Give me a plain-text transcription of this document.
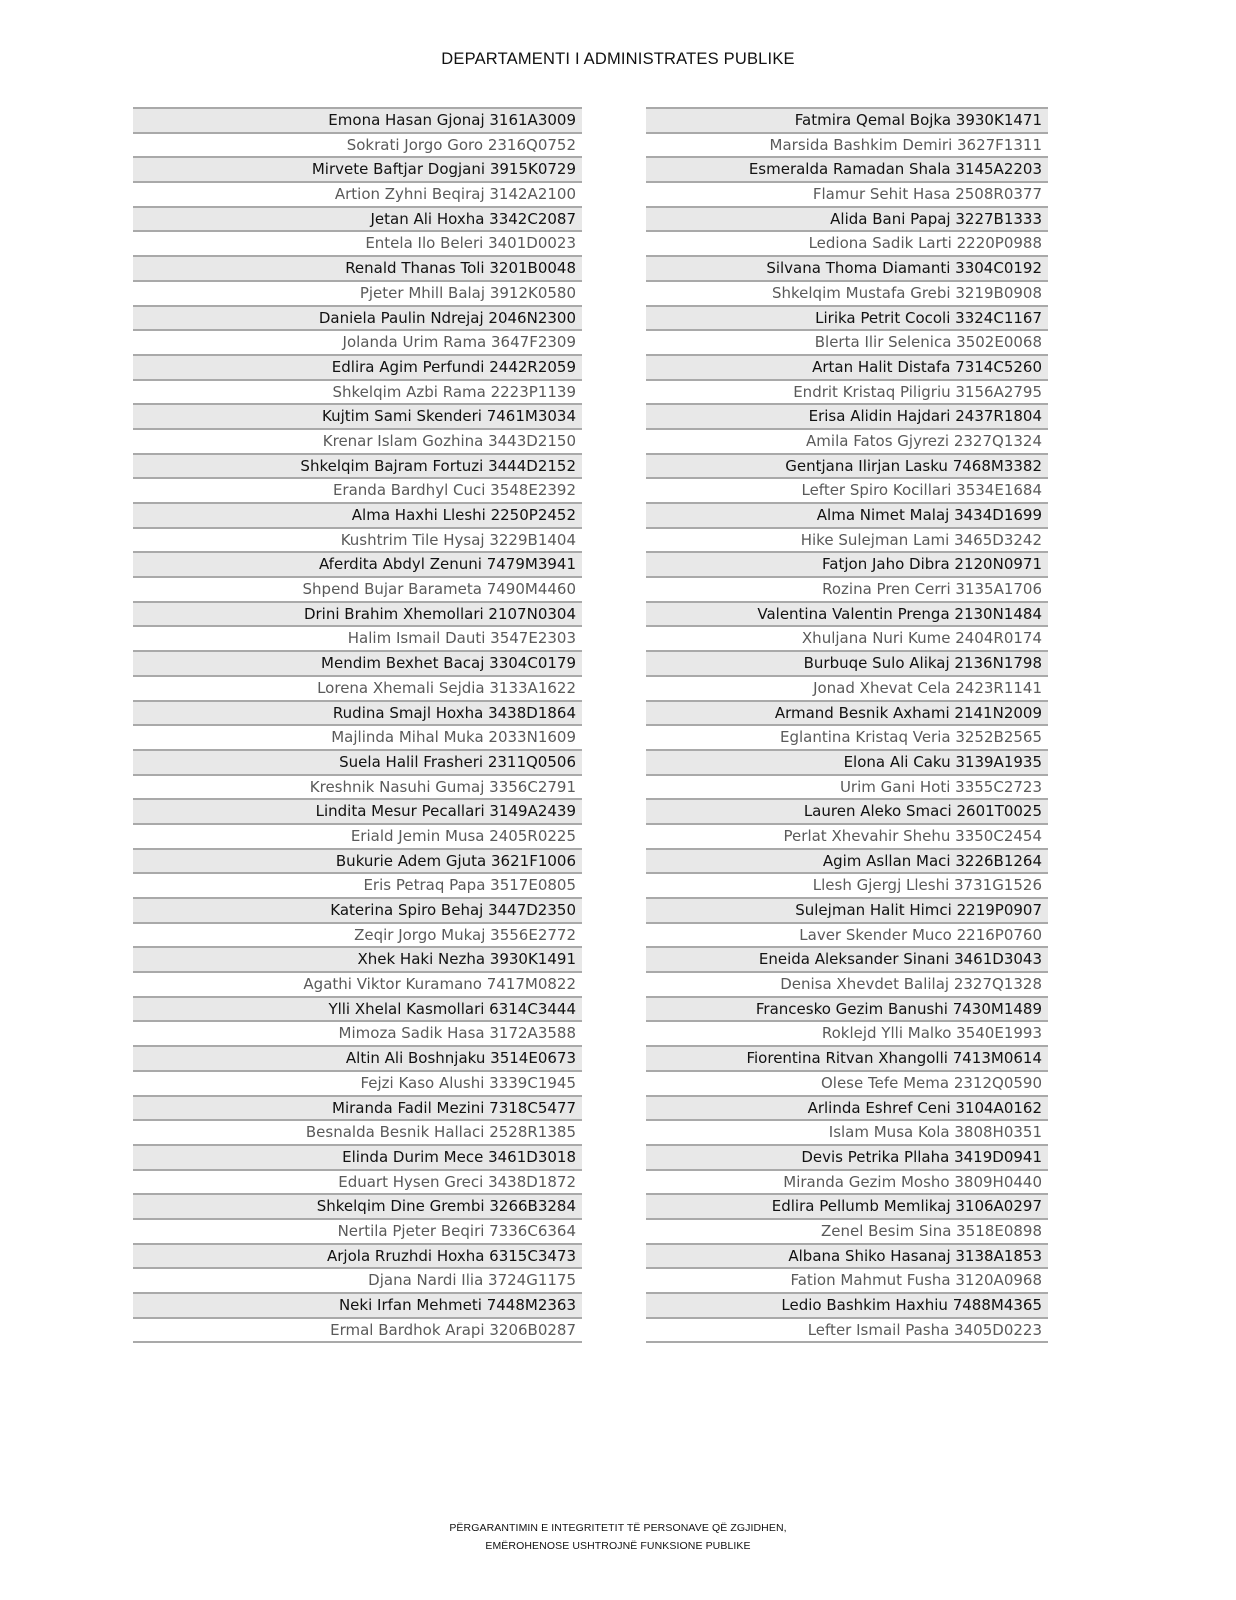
DEPARTAMENTI I ADMINISTRATES PUBLIKE
Emona Hasan Gjonaj 3161A3009
Sokrati Jorgo Goro 2316Q0752
Mirvete Baftjar Dogjani 3915K0729
Artion Zyhni Beqiraj 3142A2100
Jetan Ali Hoxha 3342C2087
Entela Ilo Beleri 3401D0023
Renald Thanas Toli 3201B0048
Pjeter Mhill Balaj 3912K0580
Daniela Paulin Ndrejaj 2046N2300
Jolanda Urim Rama 3647F2309
Edlira Agim Perfundi 2442R2059
Shkelqim Azbi Rama 2223P1139
Kujtim Sami Skenderi 7461M3034
Krenar Islam Gozhina 3443D2150
Shkelqim Bajram Fortuzi 3444D2152
Eranda Bardhyl Cuci 3548E2392
Alma Haxhi Lleshi 2250P2452
Kushtrim Tile Hysaj 3229B1404
Aferdita Abdyl Zenuni 7479M3941
Shpend Bujar Barameta 7490M4460
Drini Brahim Xhemollari 2107N0304
Halim Ismail Dauti 3547E2303
Mendim Bexhet Bacaj 3304C0179
Lorena Xhemali Sejdia 3133A1622
Rudina Smajl Hoxha 3438D1864
Majlinda Mihal Muka 2033N1609
Suela Halil Frasheri 2311Q0506
Kreshnik Nasuhi Gumaj 3356C2791
Lindita Mesur Pecallari 3149A2439
Eriald Jemin Musa 2405R0225
Bukurie Adem Gjuta 3621F1006
Eris Petraq Papa 3517E0805
Katerina Spiro Behaj 3447D2350
Zeqir Jorgo Mukaj 3556E2772
Xhek Haki Nezha 3930K1491
Agathi Viktor Kuramano 7417M0822
Ylli Xhelal Kasmollari 6314C3444
Mimoza Sadik Hasa 3172A3588
Altin Ali Boshnjaku 3514E0673
Fejzi Kaso Alushi 3339C1945
Miranda Fadil Mezini 7318C5477
Besnalda Besnik Hallaci 2528R1385
Elinda Durim Mece 3461D3018
Eduart Hysen Greci 3438D1872
Shkelqim Dine Grembi 3266B3284
Nertila Pjeter Beqiri 7336C6364
Arjola Rruzhdi Hoxha 6315C3473
Djana Nardi Ilia 3724G1175
Neki Irfan Mehmeti 7448M2363
Ermal Bardhok Arapi 3206B0287
Fatmira Qemal Bojka 3930K1471
Marsida Bashkim Demiri 3627F1311
Esmeralda Ramadan Shala 3145A2203
Flamur Sehit Hasa 2508R0377
Alida Bani Papaj 3227B1333
Lediona Sadik Larti 2220P0988
Silvana Thoma Diamanti 3304C0192
Shkelqim Mustafa Grebi 3219B0908
Lirika Petrit Cocoli 3324C1167
Blerta Ilir Selenica 3502E0068
Artan Halit Distafa 7314C5260
Endrit Kristaq Piligriu 3156A2795
Erisa Alidin Hajdari 2437R1804
Amila Fatos Gjyrezi 2327Q1324
Gentjana Ilirjan Lasku 7468M3382
Lefter Spiro Kocillari 3534E1684
Alma Nimet Malaj 3434D1699
Hike Sulejman Lami 3465D3242
Fatjon Jaho Dibra 2120N0971
Rozina Pren Cerri 3135A1706
Valentina Valentin Prenga 2130N1484
Xhuljana Nuri Kume 2404R0174
Burbuqe Sulo Alikaj 2136N1798
Jonad Xhevat Cela 2423R1141
Armand Besnik Axhami 2141N2009
Eglantina Kristaq Veria 3252B2565
Elona Ali Caku 3139A1935
Urim Gani Hoti 3355C2723
Lauren Aleko Smaci 2601T0025
Perlat Xhevahir Shehu 3350C2454
Agim Asllan Maci 3226B1264
Llesh Gjergj Lleshi 3731G1526
Sulejman Halit Himci 2219P0907
Laver Skender Muco 2216P0760
Eneida Aleksander Sinani 3461D3043
Denisa Xhevdet Balilaj 2327Q1328
Francesko Gezim Banushi 7430M1489
Roklejd Ylli Malko 3540E1993
Fiorentina Ritvan Xhangolli 7413M0614
Olese Tefe Mema 2312Q0590
Arlinda Eshref Ceni 3104A0162
Islam Musa Kola 3808H0351
Devis Petrika Pllaha 3419D0941
Miranda Gezim Mosho 3809H0440
Edlira Pellumb Memlikaj 3106A0297
Zenel Besim Sina 3518E0898
Albana Shiko Hasanaj 3138A1853
Fation Mahmut Fusha 3120A0968
Ledio Bashkim Haxhiu 7488M4365
Lefter Ismail Pasha 3405D0223
PËRGARANTIMIN E INTEGRITETIT TË PERSONAVE QË ZGJIDHEN,
EMËROHENOSE USHTROJNË FUNKSIONE PUBLIKE
